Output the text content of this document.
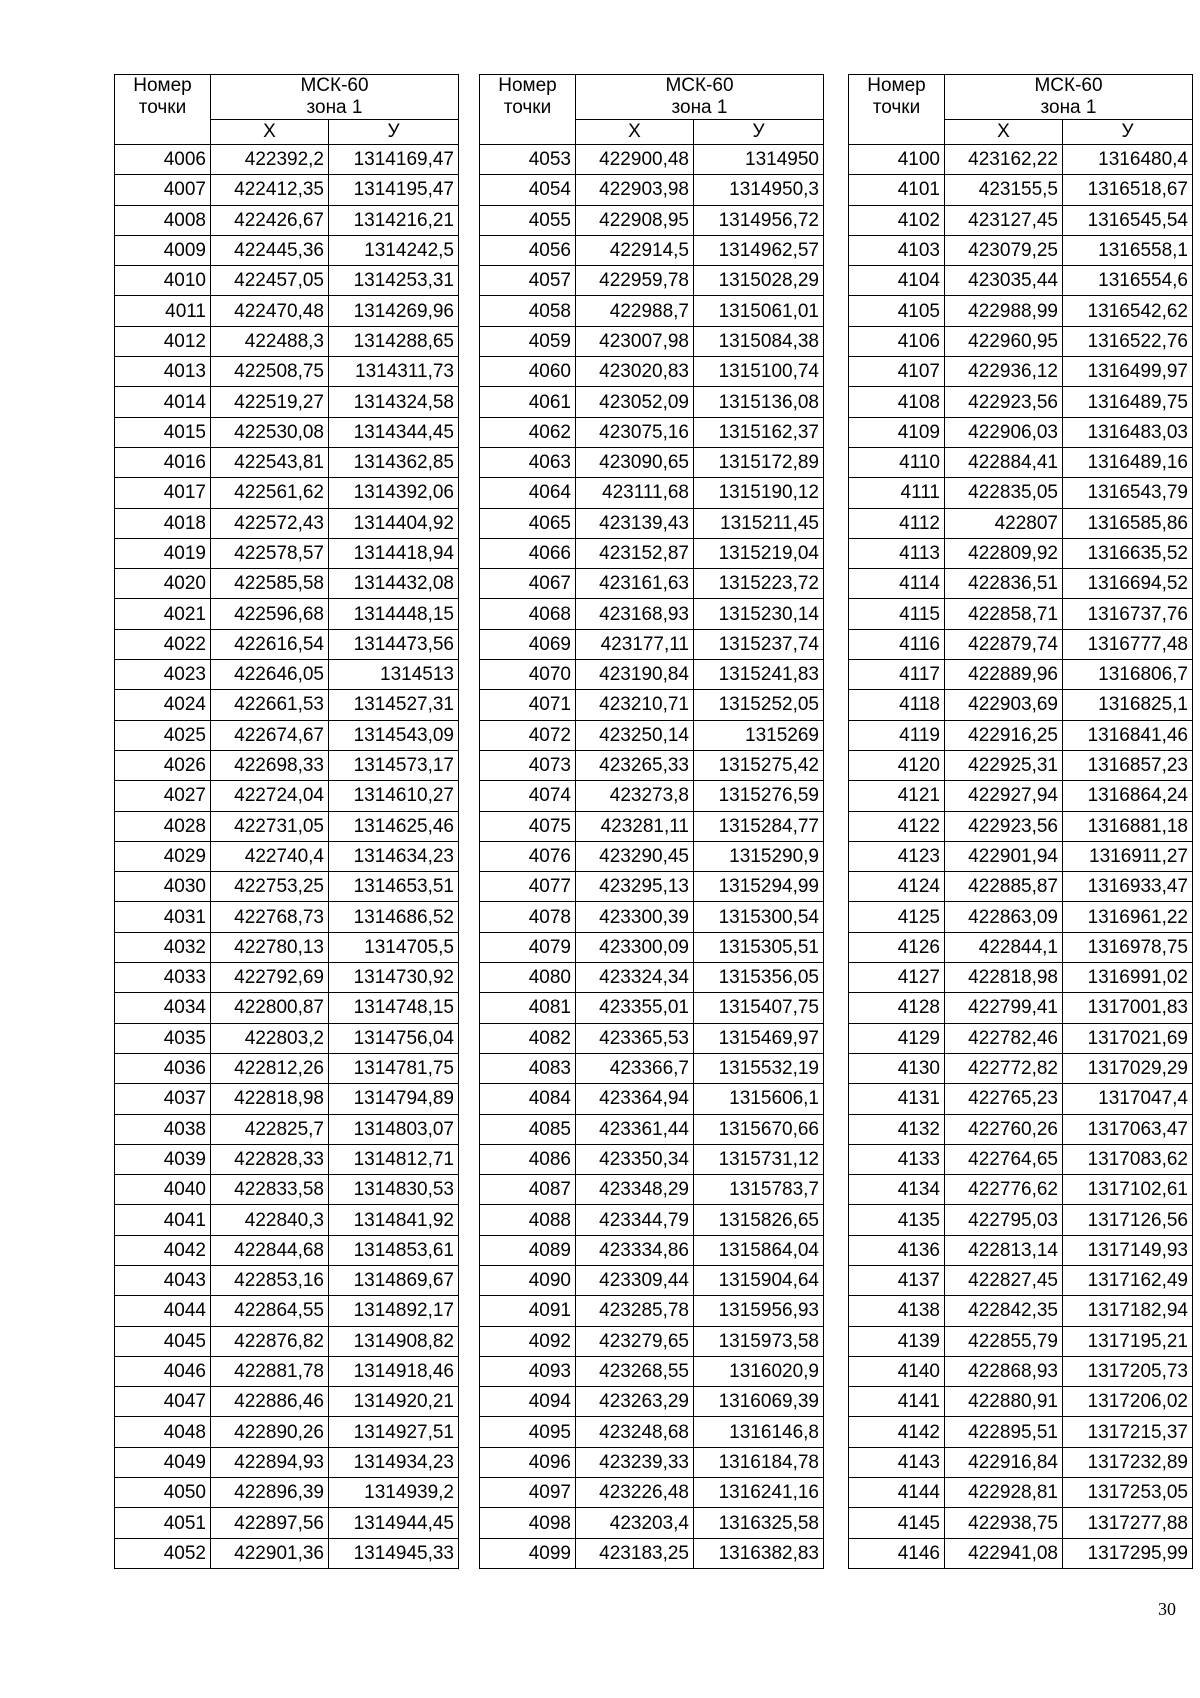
Номер точки	МСК-60
зона 1	

	X	У
4006	422392,2	1314169,47
4007	422412,35	1314195,47
4008	422426,67	1314216,21
4009	422445,36	1314242,5
4010	422457,05	1314253,31
4011	422470,48	1314269,96
4012	422488,3	1314288,65
4013	422508,75	1314311,73
4014	422519,27	1314324,58
4015	422530,08	1314344,45
4016	422543,81	1314362,85
4017	422561,62	1314392,06
4018	422572,43	1314404,92
4019	422578,57	1314418,94
4020	422585,58	1314432,08
4021	422596,68	1314448,15
4022	422616,54	1314473,56
4023	422646,05	1314513
4024	422661,53	1314527,31
4025	422674,67	1314543,09
4026	422698,33	1314573,17
4027	422724,04	1314610,27
4028	422731,05	1314625,46
4029	422740,4	1314634,23
4030	422753,25	1314653,51
4031	422768,73	1314686,52
4032	422780,13	1314705,5
4033	422792,69	1314730,92
4034	422800,87	1314748,15
4035	422803,2	1314756,04
4036	422812,26	1314781,75
4037	422818,98	1314794,89
4038	422825,7	1314803,07
4039	422828,33	1314812,71
4040	422833,58	1314830,53
4041	422840,3	1314841,92
4042	422844,68	1314853,61
4043	422853,16	1314869,67
4044	422864,55	1314892,17
4045	422876,82	1314908,82
4046	422881,78	1314918,46
4047	422886,46	1314920,21
4048	422890,26	1314927,51
4049	422894,93	1314934,23
4050	422896,39	1314939,2
4051	422897,56	1314944,45
4052	422901,36	1314945,33
Номер точки	МСК-60
зона 1	

	X	У
4053	422900,48	1314950
4054	422903,98	1314950,3
4055	422908,95	1314956,72
4056	422914,5	1314962,57
4057	422959,78	1315028,29
4058	422988,7	1315061,01
4059	423007,98	1315084,38
4060	423020,83	1315100,74
4061	423052,09	1315136,08
4062	423075,16	1315162,37
4063	423090,65	1315172,89
4064	423111,68	1315190,12
4065	423139,43	1315211,45
4066	423152,87	1315219,04
4067	423161,63	1315223,72
4068	423168,93	1315230,14
4069	423177,11	1315237,74
4070	423190,84	1315241,83
4071	423210,71	1315252,05
4072	423250,14	1315269
4073	423265,33	1315275,42
4074	423273,8	1315276,59
4075	423281,11	1315284,77
4076	423290,45	1315290,9
4077	423295,13	1315294,99
4078	423300,39	1315300,54
4079	423300,09	1315305,51
4080	423324,34	1315356,05
4081	423355,01	1315407,75
4082	423365,53	1315469,97
4083	423366,7	1315532,19
4084	423364,94	1315606,1
4085	423361,44	1315670,66
4086	423350,34	1315731,12
4087	423348,29	1315783,7
4088	423344,79	1315826,65
4089	423334,86	1315864,04
4090	423309,44	1315904,64
4091	423285,78	1315956,93
4092	423279,65	1315973,58
4093	423268,55	1316020,9
4094	423263,29	1316069,39
4095	423248,68	1316146,8
4096	423239,33	1316184,78
4097	423226,48	1316241,16
4098	423203,4	1316325,58
4099	423183,25	1316382,83
Номер точки	МСК-60
зона 1	

	X	У
4100	423162,22	1316480,4
4101	423155,5	1316518,67
4102	423127,45	1316545,54
4103	423079,25	1316558,1
4104	423035,44	1316554,6
4105	422988,99	1316542,62
4106	422960,95	1316522,76
4107	422936,12	1316499,97
4108	422923,56	1316489,75
4109	422906,03	1316483,03
4110	422884,41	1316489,16
4111	422835,05	1316543,79
4112	422807	1316585,86
4113	422809,92	1316635,52
4114	422836,51	1316694,52
4115	422858,71	1316737,76
4116	422879,74	1316777,48
4117	422889,96	1316806,7
4118	422903,69	1316825,1
4119	422916,25	1316841,46
4120	422925,31	1316857,23
4121	422927,94	1316864,24
4122	422923,56	1316881,18
4123	422901,94	1316911,27
4124	422885,87	1316933,47
4125	422863,09	1316961,22
4126	422844,1	1316978,75
4127	422818,98	1316991,02
4128	422799,41	1317001,83
4129	422782,46	1317021,69
4130	422772,82	1317029,29
4131	422765,23	1317047,4
4132	422760,26	1317063,47
4133	422764,65	1317083,62
4134	422776,62	1317102,61
4135	422795,03	1317126,56
4136	422813,14	1317149,93
4137	422827,45	1317162,49
4138	422842,35	1317182,94
4139	422855,79	1317195,21
4140	422868,93	1317205,73
4141	422880,91	1317206,02
4142	422895,51	1317215,37
4143	422916,84	1317232,89
4144	422928,81	1317253,05
4145	422938,75	1317277,88
4146	422941,08	1317295,99
30
